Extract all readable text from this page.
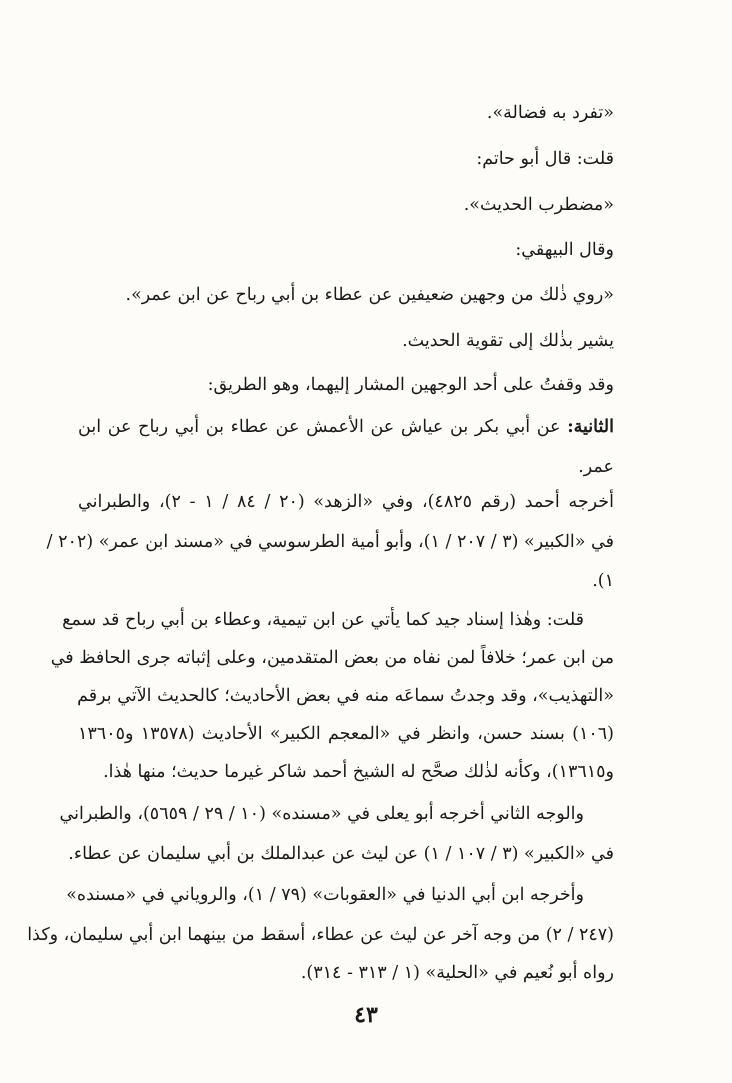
«تفرد به فضالة».
قلت: قال أبو حاتم:
«مضطرب الحديث».
وقال البيهقي:
«روي ذٰلك من وجهين ضعيفين عن عطاء بن أبي رباح عن ابن عمر».
يشير بذٰلك إلى تقوية الحديث.
وقد وقفتُ على أحد الوجهين المشار إليهما، وهو الطريق:
الثانية: عن أبي بكر بن عياش عن الأعمش عن عطاء بن أبي رباح عن ابن
عمر.
أخرجه أحمد (رقم ٤٨٢٥)، وفي «الزهد» (٢٠ / ٨٤ / ١ - ٢)، والطبراني
في «الكبير» (٣ / ٢٠٧ / ١)، وأبو أمية الطرسوسي في «مسند ابن عمر» (٢٠٢ /
١).
قلت: وهٰذا إسناد جيد كما يأتي عن ابن تيمية، وعطاء بن أبي رباح قد سمع
من ابن عمر؛ خلافاً لمن نفاه من بعض المتقدمين، وعلى إثباته جرى الحافظ في
«التهذيب»، وقد وجدتُ سماعَه منه في بعض الأحاديث؛ كالحديث الآتي برقم
(١٠٦) بسند حسن، وانظر في «المعجم الكبير» الأحاديث (١٣٥٧٨ و١٣٦٠٥
و١٣٦١٥)، وكأنه لذٰلك صحَّح له الشيخ أحمد شاكر غيرما حديث؛ منها هٰذا.
والوجه الثاني أخرجه أبو يعلى في «مسنده» (١٠ / ٢٩ / ٥٦٥٩)، والطبراني
في «الكبير» (٣ / ١٠٧ / ١) عن ليث عن عبدالملك بن أبي سليمان عن عطاء.
وأخرجه ابن أبي الدنيا في «العقوبات» (٧٩ / ١)، والروياني في «مسنده»
(٢٤٧ / ٢) من وجه آخر عن ليث عن عطاء، أسقط من بينهما ابن أبي سليمان، وكذا
رواه أبو نُعيم في «الحلية» (١ / ٣١٣ - ٣١٤).
٤٣
